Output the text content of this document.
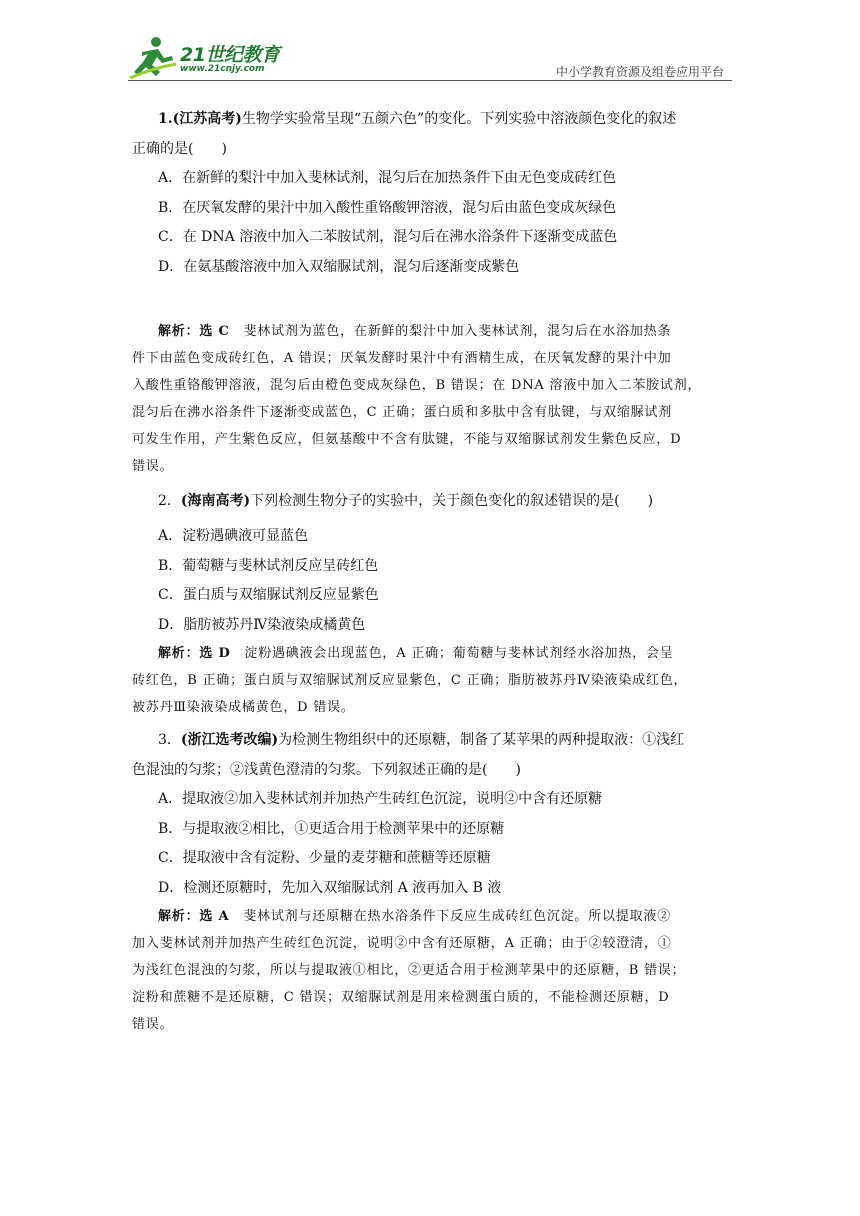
21世纪教育
www.21cnjy.com	中小学教育资源及组卷应用平台

1.(江苏高考)生物学实验常呈现“五颜六色”的变化。下列实验中溶液颜色变化的叙述

正确的是(　　)

A．在新鲜的梨汁中加入斐林试剂，混匀后在加热条件下由无色变成砖红色

B．在厌氧发酵的果汁中加入酸性重铬酸钾溶液，混匀后由蓝色变成灰绿色

C．在 DNA 溶液中加入二苯胺试剂，混匀后在沸水浴条件下逐渐变成蓝色

D．在氨基酸溶液中加入双缩脲试剂，混匀后逐渐变成紫色

解析：选 C　斐林试剂为蓝色，在新鲜的梨汁中加入斐林试剂，混匀后在水浴加热条

件下由蓝色变成砖红色，A 错误；厌氧发酵时果汁中有酒精生成，在厌氧发酵的果汁中加

入酸性重铬酸钾溶液，混匀后由橙色变成灰绿色，B 错误；在 DNA 溶液中加入二苯胺试剂，

混匀后在沸水浴条件下逐渐变成蓝色，C 正确；蛋白质和多肽中含有肽键，与双缩脲试剂

可发生作用，产生紫色反应，但氨基酸中不含有肽键，不能与双缩脲试剂发生紫色反应，D

错误。

2．(海南高考)下列检测生物分子的实验中，关于颜色变化的叙述错误的是(　　)

A．淀粉遇碘液可显蓝色

B．葡萄糖与斐林试剂反应呈砖红色

C．蛋白质与双缩脲试剂反应显紫色

D．脂肪被苏丹Ⅳ染液染成橘黄色

解析：选 D　淀粉遇碘液会出现蓝色，A 正确；葡萄糖与斐林试剂经水浴加热，会呈

砖红色，B 正确；蛋白质与双缩脲试剂反应显紫色，C 正确；脂肪被苏丹Ⅳ染液染成红色，

被苏丹Ⅲ染液染成橘黄色，D 错误。

3．(浙江选考改编)为检测生物组织中的还原糖，制备了某苹果的两种提取液：①浅红

色混浊的匀浆；②浅黄色澄清的匀浆。下列叙述正确的是(　　)

A．提取液②加入斐林试剂并加热产生砖红色沉淀，说明②中含有还原糖

B．与提取液②相比，①更适合用于检测苹果中的还原糖

C．提取液中含有淀粉、少量的麦芽糖和蔗糖等还原糖

D．检测还原糖时，先加入双缩脲试剂 A 液再加入 B 液

解析：选 A　斐林试剂与还原糖在热水浴条件下反应生成砖红色沉淀。所以提取液②

加入斐林试剂并加热产生砖红色沉淀，说明②中含有还原糖，A 正确；由于②较澄清，①

为浅红色混浊的匀浆，所以与提取液①相比，②更适合用于检测苹果中的还原糖，B 错误；

淀粉和蔗糖不是还原糖，C 错误；双缩脲试剂是用来检测蛋白质的，不能检测还原糖，D

错误。
